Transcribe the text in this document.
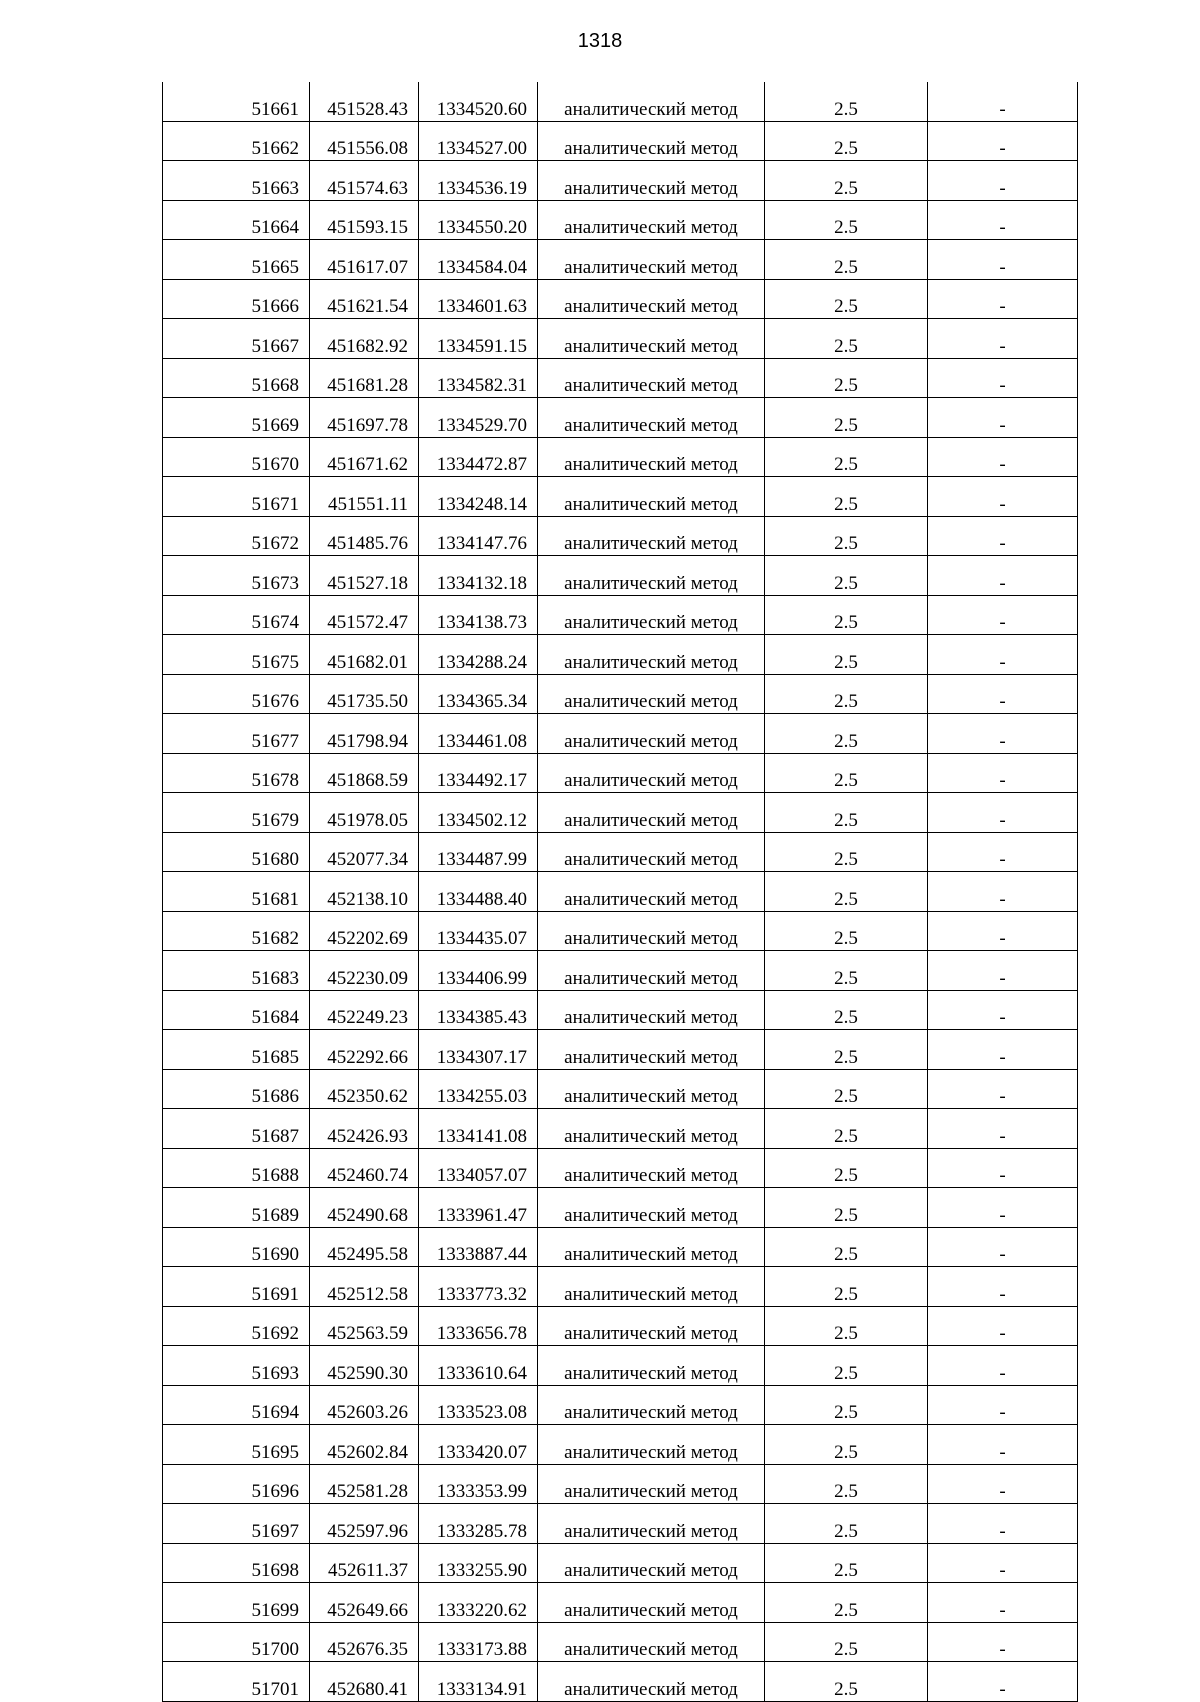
1318
51661	451528.43	1334520.60	аналитический метод	2.5	-
51662	451556.08	1334527.00	аналитический метод	2.5	-
51663	451574.63	1334536.19	аналитический метод	2.5	-
51664	451593.15	1334550.20	аналитический метод	2.5	-
51665	451617.07	1334584.04	аналитический метод	2.5	-
51666	451621.54	1334601.63	аналитический метод	2.5	-
51667	451682.92	1334591.15	аналитический метод	2.5	-
51668	451681.28	1334582.31	аналитический метод	2.5	-
51669	451697.78	1334529.70	аналитический метод	2.5	-
51670	451671.62	1334472.87	аналитический метод	2.5	-
51671	451551.11	1334248.14	аналитический метод	2.5	-
51672	451485.76	1334147.76	аналитический метод	2.5	-
51673	451527.18	1334132.18	аналитический метод	2.5	-
51674	451572.47	1334138.73	аналитический метод	2.5	-
51675	451682.01	1334288.24	аналитический метод	2.5	-
51676	451735.50	1334365.34	аналитический метод	2.5	-
51677	451798.94	1334461.08	аналитический метод	2.5	-
51678	451868.59	1334492.17	аналитический метод	2.5	-
51679	451978.05	1334502.12	аналитический метод	2.5	-
51680	452077.34	1334487.99	аналитический метод	2.5	-
51681	452138.10	1334488.40	аналитический метод	2.5	-
51682	452202.69	1334435.07	аналитический метод	2.5	-
51683	452230.09	1334406.99	аналитический метод	2.5	-
51684	452249.23	1334385.43	аналитический метод	2.5	-
51685	452292.66	1334307.17	аналитический метод	2.5	-
51686	452350.62	1334255.03	аналитический метод	2.5	-
51687	452426.93	1334141.08	аналитический метод	2.5	-
51688	452460.74	1334057.07	аналитический метод	2.5	-
51689	452490.68	1333961.47	аналитический метод	2.5	-
51690	452495.58	1333887.44	аналитический метод	2.5	-
51691	452512.58	1333773.32	аналитический метод	2.5	-
51692	452563.59	1333656.78	аналитический метод	2.5	-
51693	452590.30	1333610.64	аналитический метод	2.5	-
51694	452603.26	1333523.08	аналитический метод	2.5	-
51695	452602.84	1333420.07	аналитический метод	2.5	-
51696	452581.28	1333353.99	аналитический метод	2.5	-
51697	452597.96	1333285.78	аналитический метод	2.5	-
51698	452611.37	1333255.90	аналитический метод	2.5	-
51699	452649.66	1333220.62	аналитический метод	2.5	-
51700	452676.35	1333173.88	аналитический метод	2.5	-
51701	452680.41	1333134.91	аналитический метод	2.5	-
